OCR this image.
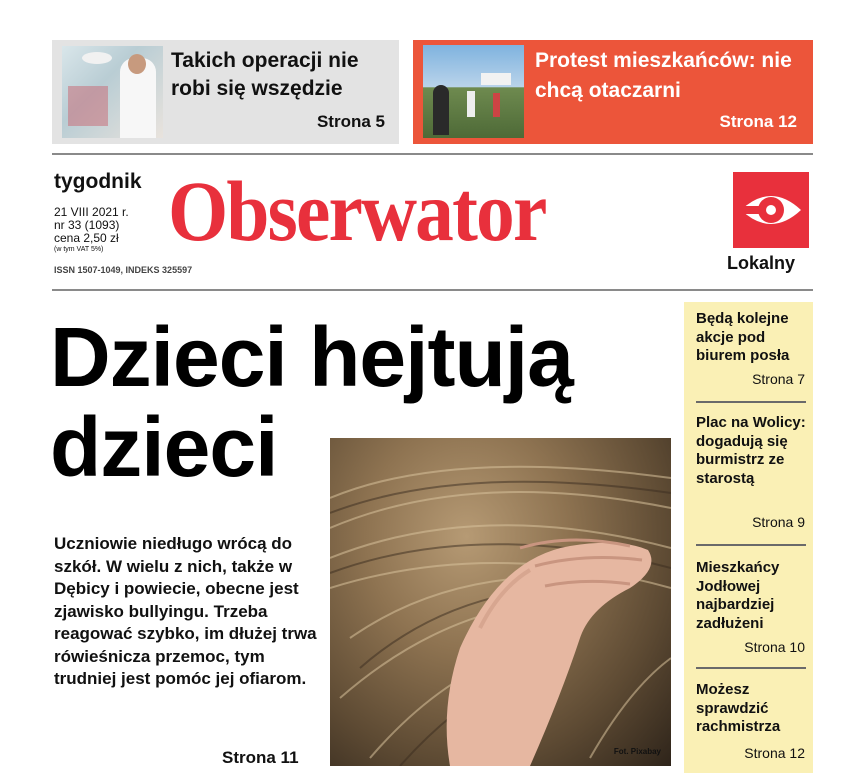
Takich operacji nie robi się wszędzie
Strona 5
Protest mieszkańców: nie chcą otaczarni
Strona 12
tygodnik
21 VIII 2021 r.
nr 33 (1093)
cena 2,50 zł
(w tym VAT 5%)
ISSN 1507-1049, INDEKS 325597
Obserwator
Lokalny
Dzieci hejtują
dzieci
Uczniowie niedługo wrócą do szkół. W wielu z nich, także w Dębicy i powiecie, obecne jest zjawisko bullyingu. Trzeba reagować szybko, im dłużej trwa rówieśnicza przemoc, tym trudniej jest pomóc jej ofiarom.
Strona 11	Fot. Pixabay
Będą kolejne akcje pod biurem posła
Strona 7
Plac na Wolicy: dogadują się burmistrz ze starostą
Strona 9
Mieszkańcy Jodłowej najbardziej zadłużeni
Strona 10
Możesz sprawdzić rachmistrza
Strona 12
